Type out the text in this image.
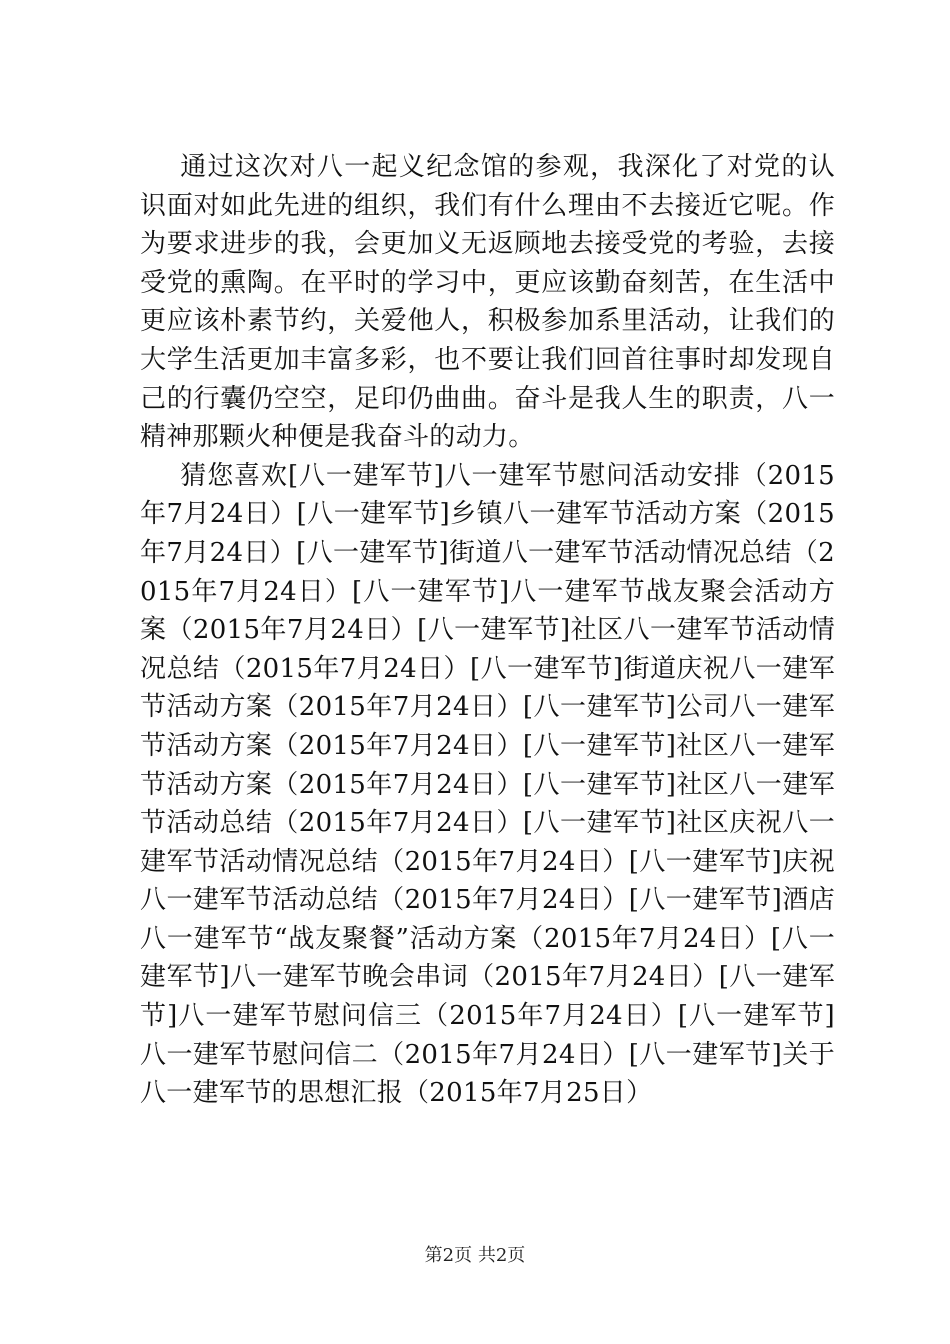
通过这次对八一起义纪念馆的参观，我深化了对党的认识面对如此先进的组织，我们有什么理由不去接近它呢。作为要求进步的我，会更加义无返顾地去接受党的考验，去接受党的熏陶。在平时的学习中，更应该勤奋刻苦，在生活中更应该朴素节约，关爱他人，积极参加系里活动，让我们的大学生活更加丰富多彩，也不要让我们回首往事时却发现自己的行囊仍空空，足印仍曲曲。奋斗是我人生的职责，八一精神那颗火种便是我奋斗的动力。

猜您喜欢[八一建军节]八一建军节慰问活动安排（2015年7月24日）[八一建军节]乡镇八一建军节活动方案（2015年7月24日）[八一建军节]街道八一建军节活动情况总结（2015年7月24日）[八一建军节]八一建军节战友聚会活动方案（2015年7月24日）[八一建军节]社区八一建军节活动情况总结（2015年7月24日）[八一建军节]街道庆祝八一建军节活动方案（2015年7月24日）[八一建军节]公司八一建军节活动方案（2015年7月24日）[八一建军节]社区八一建军节活动方案（2015年7月24日）[八一建军节]社区八一建军节活动总结（2015年7月24日）[八一建军节]社区庆祝八一建军节活动情况总结（2015年7月24日）[八一建军节]庆祝八一建军节活动总结（2015年7月24日）[八一建军节]酒店八一建军节“战友聚餐”活动方案（2015年7月24日）[八一建军节]八一建军节晚会串词（2015年7月24日）[八一建军节]八一建军节慰问信三（2015年7月24日）[八一建军节]八一建军节慰问信二（2015年7月24日）[八一建军节]关于八一建军节的思想汇报（2015年7月25日）

第2页 共2页
